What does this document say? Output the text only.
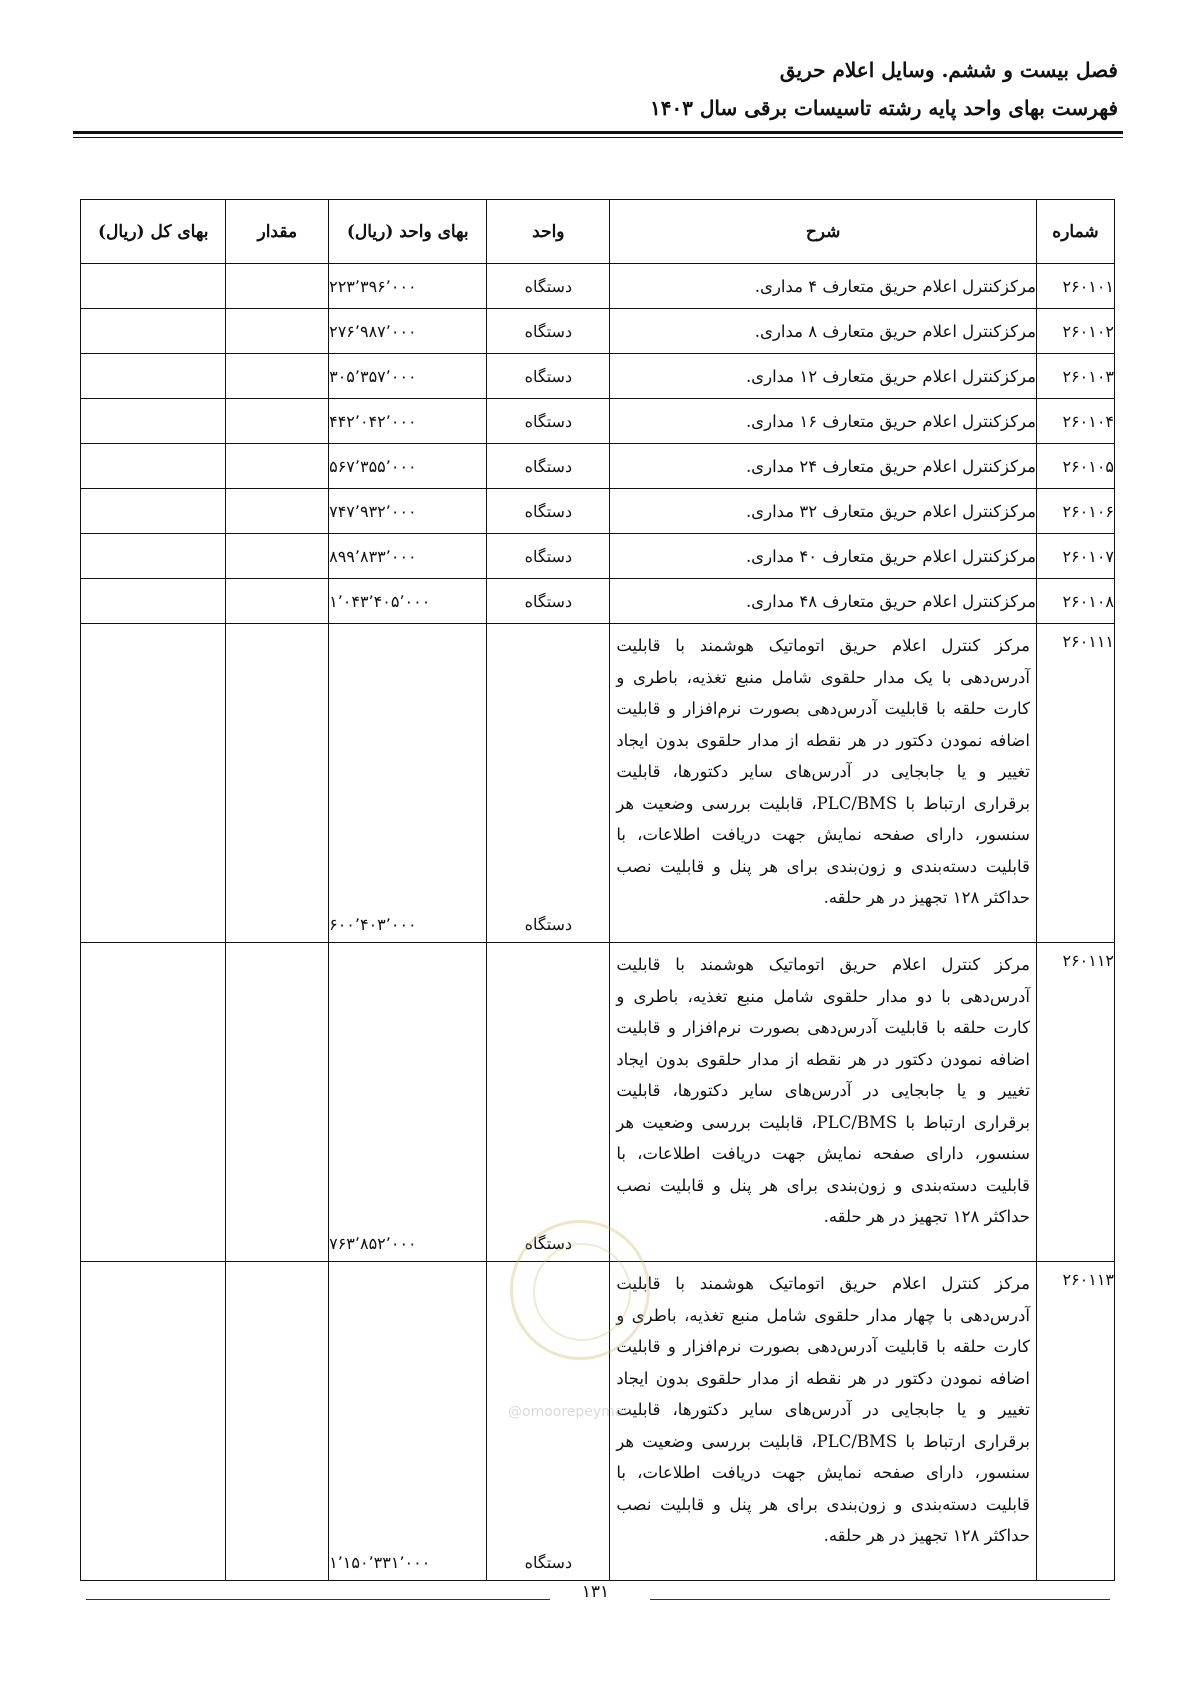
فصل بیست و ششم. وسایل اعلام حریق
فهرست بهای واحد پایه رشته تاسیسات برقی سال ۱۴۰۳
شماره	شرح	واحد	بهای واحد (ریال)	مقدار	بهای کل (ریال)
۲۶۰۱۰۱	مرکزکنترل اعلام حریق متعارف ۴ مداری.	دستگاه	۲۲۳٬۳۹۶٬۰۰۰		
۲۶۰۱۰۲	مرکزکنترل اعلام حریق متعارف ۸ مداری.	دستگاه	۲۷۶٬۹۸۷٬۰۰۰		
۲۶۰۱۰۳	مرکزکنترل اعلام حریق متعارف ۱۲ مداری.	دستگاه	۳۰۵٬۳۵۷٬۰۰۰		
۲۶۰۱۰۴	مرکزکنترل اعلام حریق متعارف ۱۶ مداری.	دستگاه	۴۴۲٬۰۴۲٬۰۰۰		
۲۶۰۱۰۵	مرکزکنترل اعلام حریق متعارف ۲۴ مداری.	دستگاه	۵۶۷٬۳۵۵٬۰۰۰		
۲۶۰۱۰۶	مرکزکنترل اعلام حریق متعارف ۳۲ مداری.	دستگاه	۷۴۷٬۹۳۲٬۰۰۰		
۲۶۰۱۰۷	مرکزکنترل اعلام حریق متعارف ۴۰ مداری.	دستگاه	۸۹۹٬۸۳۳٬۰۰۰		
۲۶۰۱۰۸	مرکزکنترل اعلام حریق متعارف ۴۸ مداری.	دستگاه	۱٬۰۴۳٬۴۰۵٬۰۰۰		
۲۶۰۱۱۱	مرکز کنترل اعلام حریق اتوماتیک هوشمند با قابلیت آدرس‌دهی با یک مدار حلقوی شامل منبع تغذیه، باطری و کارت حلقه با قابلیت آدرس‌دهی بصورت نرم‌افزار و قابلیت اضافه نمودن دکتور در هر نقطه از مدار حلقوی بدون ایجاد تغییر و یا جابجایی در آدرس‌های سایر دکتورها، قابلیت برقراری ارتباط با PLC/BMS، قابلیت بررسی وضعیت هر سنسور، دارای صفحه نمایش جهت دریافت اطلاعات، با قابلیت دسته‌بندی و زون‌بندی برای هر پنل و قابلیت نصب حداکثر ۱۲۸ تجهیز در هر حلقه.	دستگاه	۶۰۰٬۴۰۳٬۰۰۰		
۲۶۰۱۱۲	مرکز کنترل اعلام حریق اتوماتیک هوشمند با قابلیت آدرس‌دهی با دو مدار حلقوی شامل منبع تغذیه، باطری و کارت حلقه با قابلیت آدرس‌دهی بصورت نرم‌افزار و قابلیت اضافه نمودن دکتور در هر نقطه از مدار حلقوی بدون ایجاد تغییر و یا جابجایی در آدرس‌های سایر دکتورها، قابلیت برقراری ارتباط با PLC/BMS، قابلیت بررسی وضعیت هر سنسور، دارای صفحه نمایش جهت دریافت اطلاعات، با قابلیت دسته‌بندی و زون‌بندی برای هر پنل و قابلیت نصب حداکثر ۱۲۸ تجهیز در هر حلقه.	دستگاه	۷۶۳٬۸۵۲٬۰۰۰		
۲۶۰۱۱۳	مرکز کنترل اعلام حریق اتوماتیک هوشمند با قابلیت آدرس‌دهی با چهار مدار حلقوی شامل منبع تغذیه، باطری و کارت حلقه با قابلیت آدرس‌دهی بصورت نرم‌افزار و قابلیت اضافه نمودن دکتور در هر نقطه از مدار حلقوی بدون ایجاد تغییر و یا جابجایی در آدرس‌های سایر دکتورها، قابلیت برقراری ارتباط با PLC/BMS، قابلیت بررسی وضعیت هر سنسور، دارای صفحه نمایش جهت دریافت اطلاعات، با قابلیت دسته‌بندی و زون‌بندی برای هر پنل و قابلیت نصب حداکثر ۱۲۸ تجهیز در هر حلقه.	دستگاه	۱٬۱۵۰٬۳۳۱٬۰۰۰		
@omoorepeyman
۱۳۱
